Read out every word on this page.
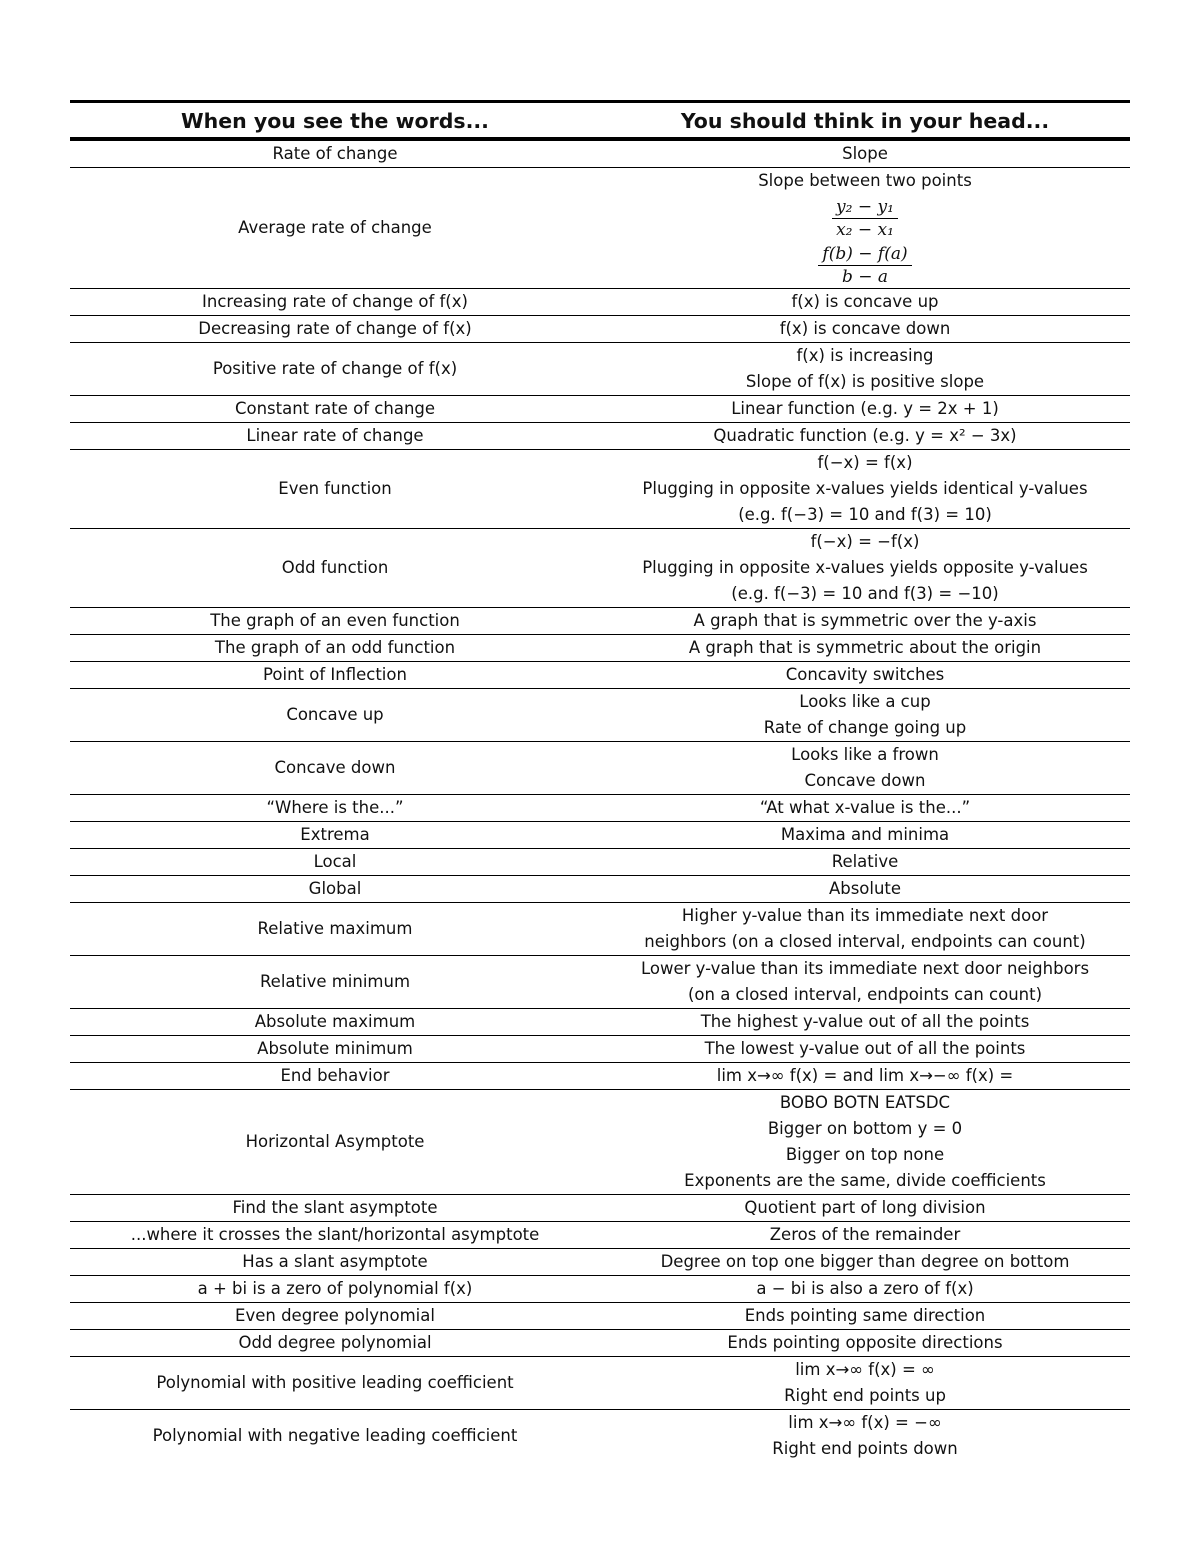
When you see the words...	You should think in your head...

Rate of change	Slope

Average rate of change	Slope between two points
$\frac{\text{y₂ − y₁}}{\text{x₂ − x₁}}$
$\frac{f(b) - f(a)}{b - a}$

Increasing rate of change of f(x)	f(x) is concave up

Decreasing rate of change of f(x)	f(x) is concave down

Positive rate of change of f(x)	f(x) is increasing
Slope of f(x) is positive slope

Constant rate of change	Linear function (e.g. y = 2x + 1)

Linear rate of change	Quadratic function (e.g. y = x² − 3x)

Even function	f(−x) = f(x)
Plugging in opposite x-values yields identical y-values
(e.g. f(−3) = 10 and f(3) = 10)

Odd function	f(−x) = −f(x)
Plugging in opposite x-values yields opposite y-values
(e.g. f(−3) = 10 and f(3) = −10)

The graph of an even function	A graph that is symmetric over the y-axis

The graph of an odd function	A graph that is symmetric about the origin

Point of Inflection	Concavity switches

Concave up	Looks like a cup
Rate of change going up

Concave down	Looks like a frown
Concave down

“Where is the...”	“At what x-value is the...”

Extrema	Maxima and minima

Local	Relative

Global	Absolute

Relative maximum	Higher y-value than its immediate next door
neighbors (on a closed interval, endpoints can count)

Relative minimum	Lower y-value than its immediate next door neighbors
(on a closed interval, endpoints can count)

Absolute maximum	The highest y-value out of all the points

Absolute minimum	The lowest y-value out of all the points

End behavior	lim x→∞ f(x) = and lim x→−∞ f(x) =

Horizontal Asymptote	BOBO BOTN EATSDC
Bigger on bottom y = 0
Bigger on top none
Exponents are the same, divide coefficients

Find the slant asymptote	Quotient part of long division

...where it crosses the slant/horizontal asymptote	Zeros of the remainder

Has a slant asymptote	Degree on top one bigger than degree on bottom

a + bi is a zero of polynomial f(x)	a − bi is also a zero of f(x)

Even degree polynomial	Ends pointing same direction

Odd degree polynomial	Ends pointing opposite directions

Polynomial with positive leading coefficient	lim x→∞ f(x) = ∞
Right end points up

Polynomial with negative leading coefficient	lim x→∞ f(x) = −∞
Right end points down
